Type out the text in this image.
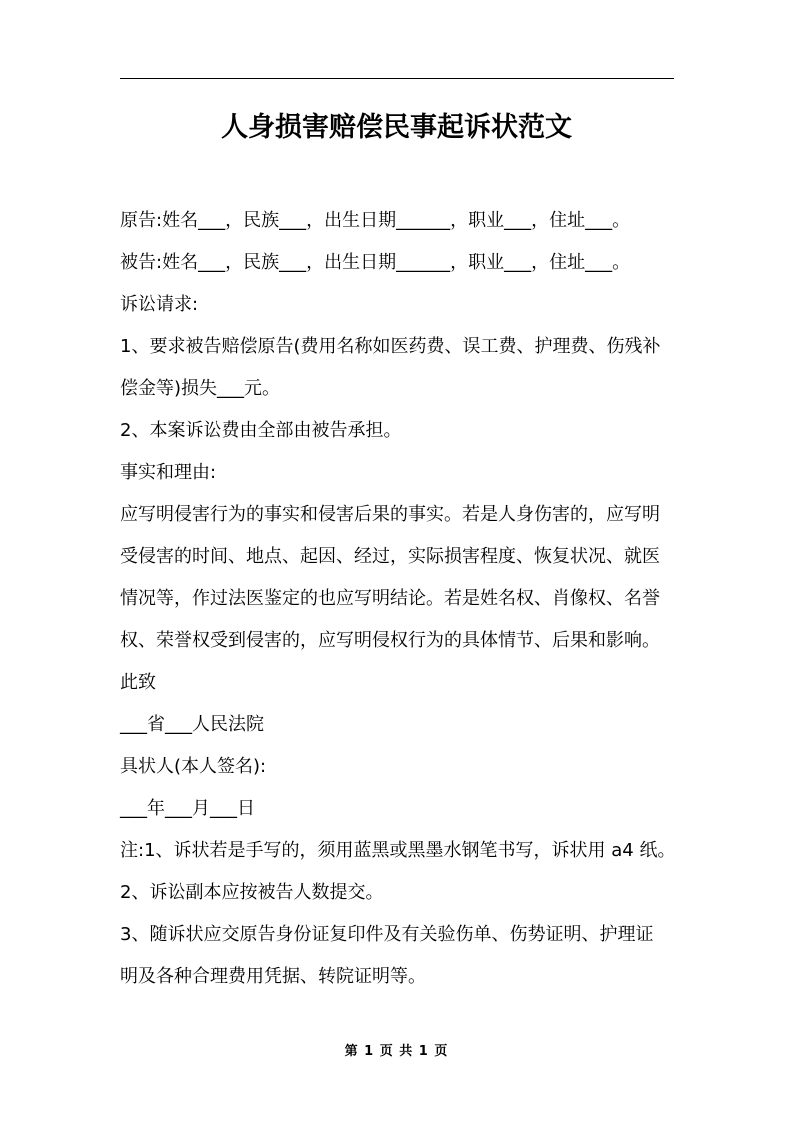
人身损害赔偿民事起诉状范文
原告:姓名___，民族___，出生日期______，职业___，住址___。
被告:姓名___，民族___，出生日期______，职业___，住址___。
诉讼请求:
1、要求被告赔偿原告(费用名称如医药费、误工费、护理费、伤残补
偿金等)损失___元。
2、本案诉讼费由全部由被告承担。
事实和理由:
应写明侵害行为的事实和侵害后果的事实。若是人身伤害的，应写明
受侵害的时间、地点、起因、经过，实际损害程度、恢复状况、就医
情况等，作过法医鉴定的也应写明结论。若是姓名权、肖像权、名誉
权、荣誉权受到侵害的，应写明侵权行为的具体情节、后果和影响。
此致
___省___人民法院
具状人(本人签名):
___年___月___日
注:1、诉状若是手写的，须用蓝黑或黑墨水钢笔书写，诉状用 a4 纸。
2、诉讼副本应按被告人数提交。
3、随诉状应交原告身份证复印件及有关验伤单、伤势证明、护理证
明及各种合理费用凭据、转院证明等。
第 1 页 共 1 页
